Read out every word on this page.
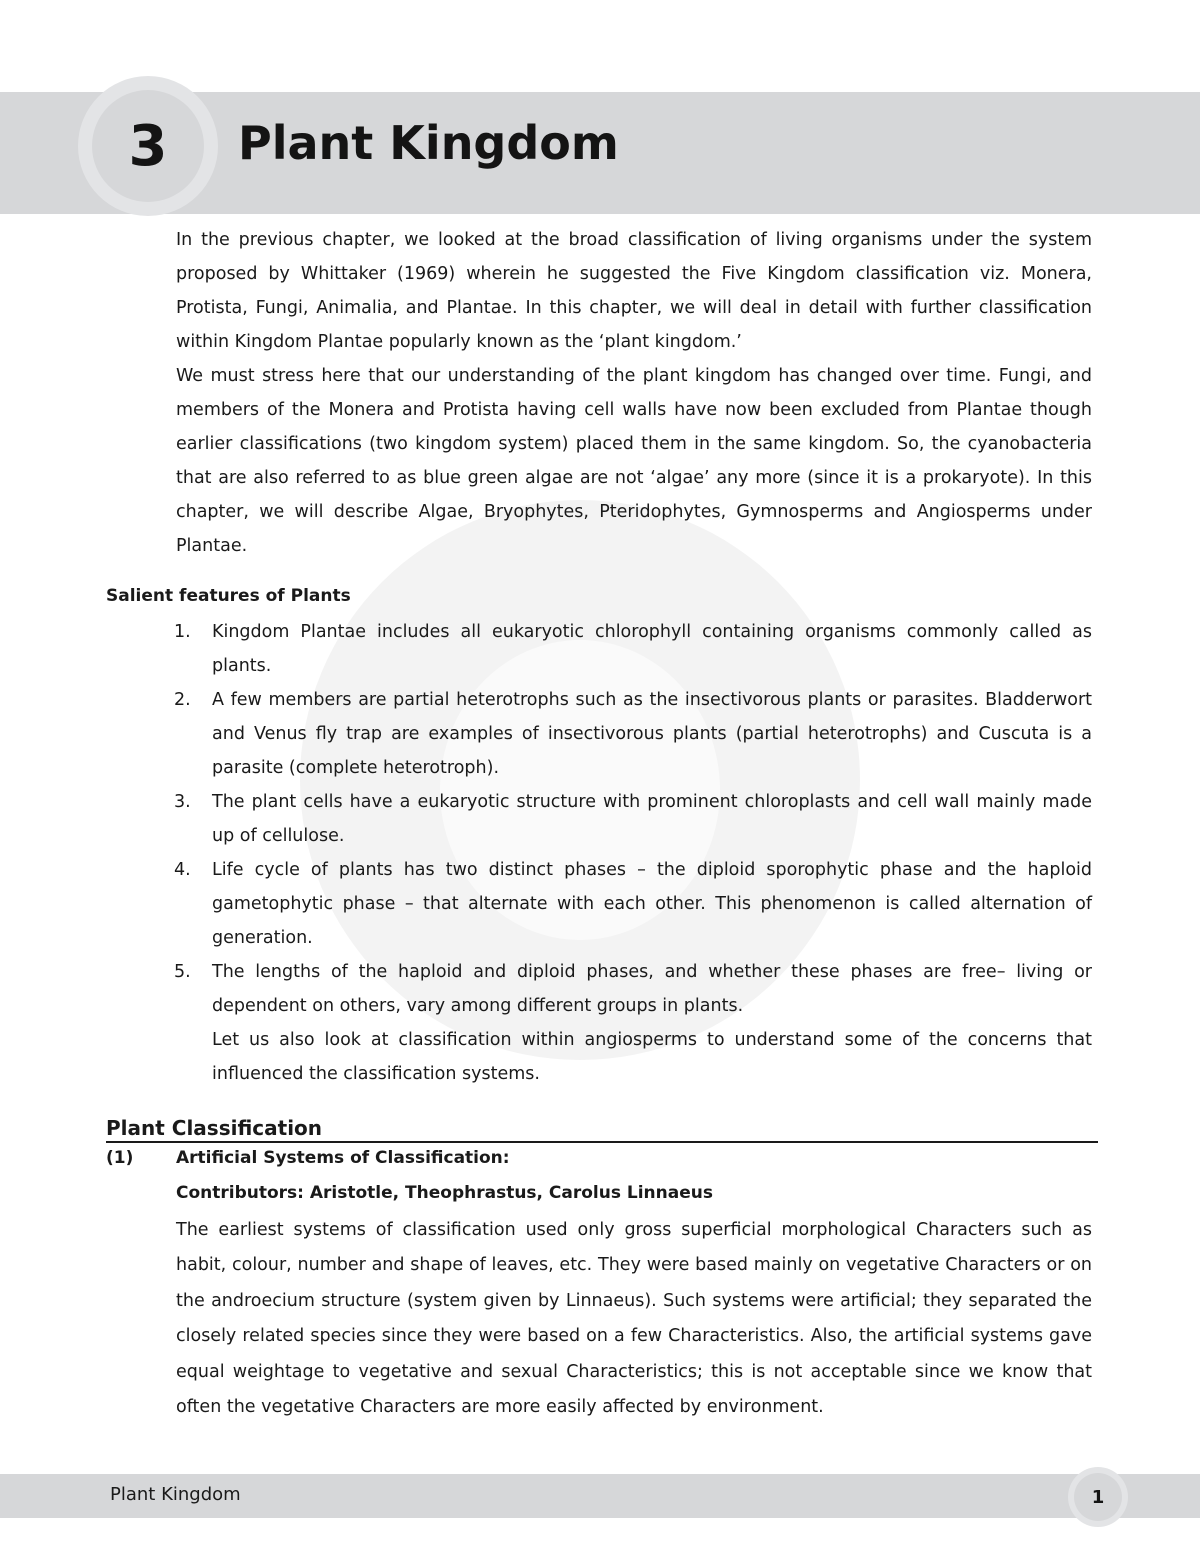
3 Plant Kingdom

In the previous chapter, we looked at the broad classification of living organisms under the system proposed by Whittaker (1969) wherein he suggested the Five Kingdom classification viz. Monera, Protista, Fungi, Animalia, and Plantae. In this chapter, we will deal in detail with further classification within Kingdom Plantae popularly known as the ‘plant kingdom.’

We must stress here that our understanding of the plant kingdom has changed over time. Fungi, and members of the Monera and Protista having cell walls have now been excluded from Plantae though earlier classifications (two kingdom system) placed them in the same kingdom. So, the cyanobacteria that are also referred to as blue green algae are not ‘algae’ any more (since it is a prokaryote). In this chapter, we will describe Algae, Bryophytes, Pteridophytes, Gymnosperms and Angiosperms under Plantae.

Salient features of Plants
1. Kingdom Plantae includes all eukaryotic chlorophyll containing organisms commonly called as plants.
2. A few members are partial heterotrophs such as the insectivorous plants or parasites. Bladderwort and Venus fly trap are examples of insectivorous plants (partial heterotrophs) and Cuscuta is a parasite (complete heterotroph).
3. The plant cells have a eukaryotic structure with prominent chloroplasts and cell wall mainly made up of cellulose.
4. Life cycle of plants has two distinct phases – the diploid sporophytic phase and the haploid gametophytic phase – that alternate with each other. This phenomenon is called alternation of generation.
5. The lengths of the haploid and diploid phases, and whether these phases are free– living or dependent on others, vary among different groups in plants.
Let us also look at classification within angiosperms to understand some of the concerns that influenced the classification systems.
Plant Classification
(1)	Artificial Systems of Classification:
Contributors: Aristotle, Theophrastus, Carolus Linnaeus

The earliest systems of classification used only gross superficial morphological Characters such as habit, colour, number and shape of leaves, etc. They were based mainly on vegetative Characters or on the androecium structure (system given by Linnaeus). Such systems were artificial; they separated the closely related species since they were based on a few Characteristics. Also, the artificial systems gave equal weightage to vegetative and sexual Characteristics; this is not acceptable since we know that often the vegetative Characters are more easily affected by environment.

Plant Kingdom	1
